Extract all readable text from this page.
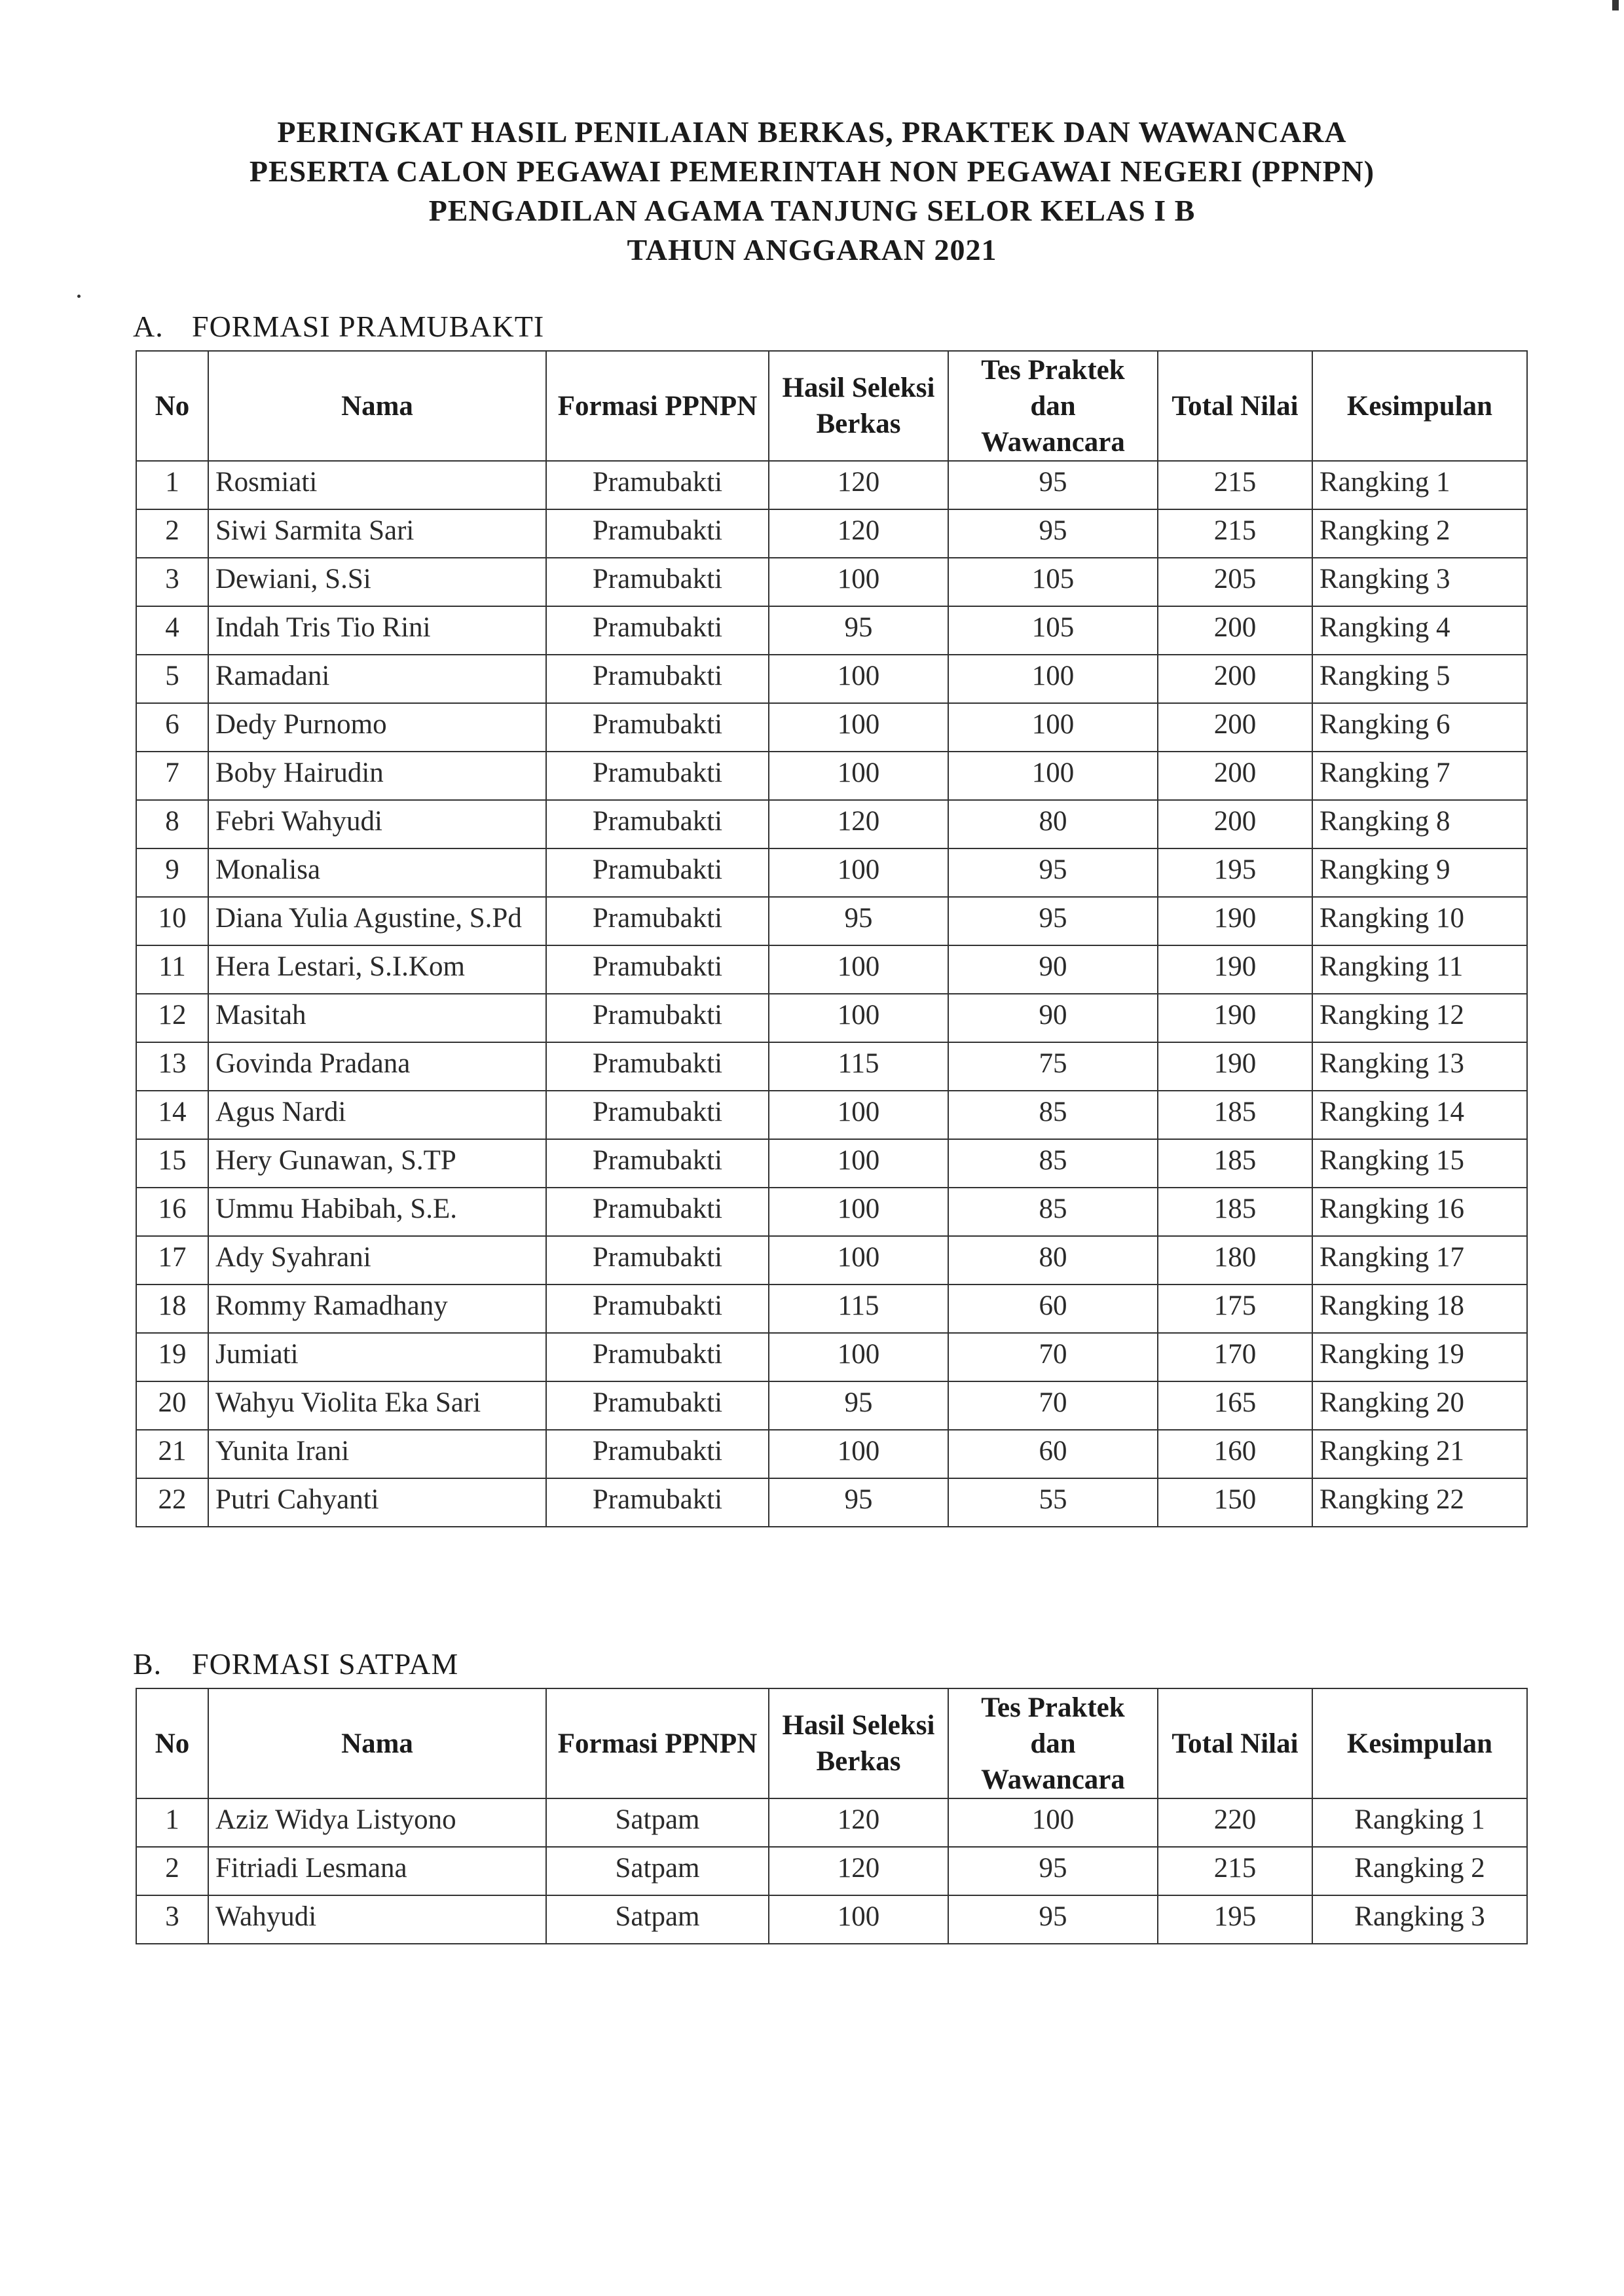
PERINGKAT HASIL PENILAIAN BERKAS, PRAKTEK DAN WAWANCARA
PESERTA CALON PEGAWAI PEMERINTAH NON PEGAWAI NEGERI (PPNPN)
PENGADILAN AGAMA TANJUNG SELOR KELAS I B
TAHUN ANGGARAN 2021
A. FORMASI PRAMUBAKTI
No	Nama	Formasi PPNPN	Hasil Seleksi Berkas	Tes Praktek dan Wawancara	Total Nilai	Kesimpulan
1	Rosmiati	Pramubakti	120	95	215	Rangking 1
2	Siwi Sarmita Sari	Pramubakti	120	95	215	Rangking 2
3	Dewiani, S.Si	Pramubakti	100	105	205	Rangking 3
4	Indah Tris Tio Rini	Pramubakti	95	105	200	Rangking 4
5	Ramadani	Pramubakti	100	100	200	Rangking 5
6	Dedy Purnomo	Pramubakti	100	100	200	Rangking 6
7	Boby Hairudin	Pramubakti	100	100	200	Rangking 7
8	Febri Wahyudi	Pramubakti	120	80	200	Rangking 8
9	Monalisa	Pramubakti	100	95	195	Rangking 9
10	Diana Yulia Agustine, S.Pd	Pramubakti	95	95	190	Rangking 10
11	Hera Lestari, S.I.Kom	Pramubakti	100	90	190	Rangking 11
12	Masitah	Pramubakti	100	90	190	Rangking 12
13	Govinda Pradana	Pramubakti	115	75	190	Rangking 13
14	Agus Nardi	Pramubakti	100	85	185	Rangking 14
15	Hery Gunawan, S.TP	Pramubakti	100	85	185	Rangking 15
16	Ummu Habibah, S.E.	Pramubakti	100	85	185	Rangking 16
17	Ady Syahrani	Pramubakti	100	80	180	Rangking 17
18	Rommy Ramadhany	Pramubakti	115	60	175	Rangking 18
19	Jumiati	Pramubakti	100	70	170	Rangking 19
20	Wahyu Violita Eka Sari	Pramubakti	95	70	165	Rangking 20
21	Yunita Irani	Pramubakti	100	60	160	Rangking 21
22	Putri Cahyanti	Pramubakti	95	55	150	Rangking 22
B. FORMASI SATPAM
No	Nama	Formasi PPNPN	Hasil Seleksi Berkas	Tes Praktek dan Wawancara	Total Nilai	Kesimpulan
1	Aziz Widya Listyono	Satpam	120	100	220	Rangking 1
2	Fitriadi Lesmana	Satpam	120	95	215	Rangking 2
3	Wahyudi	Satpam	100	95	195	Rangking 3
